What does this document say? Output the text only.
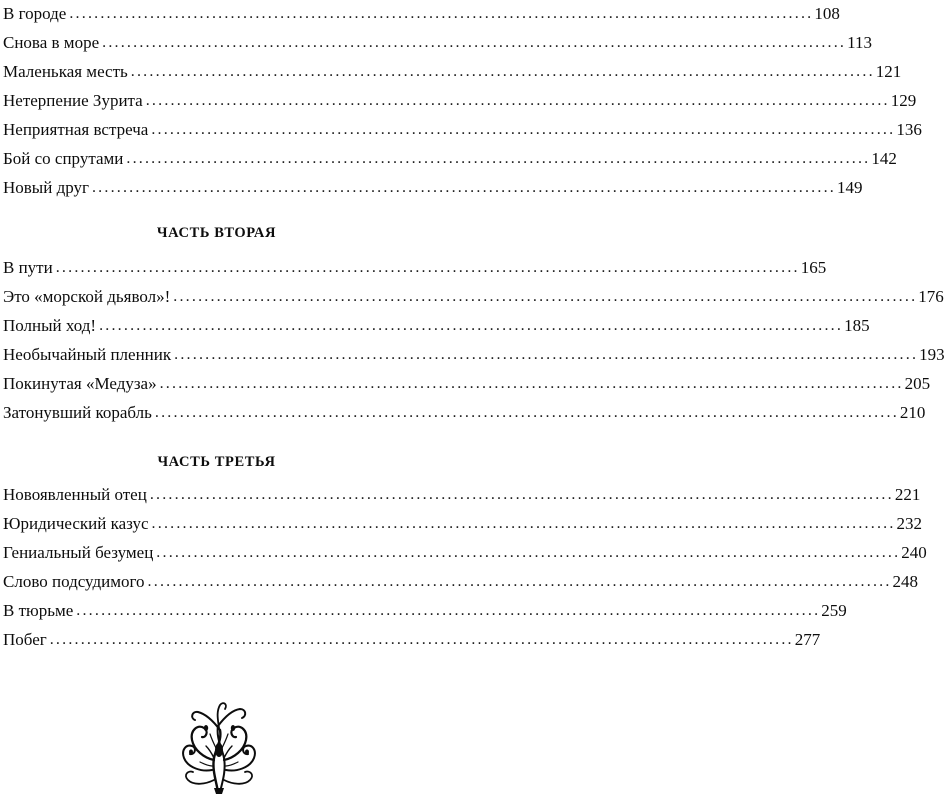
В городе ........................................................................................................................ 108
Снова в море ........................................................................................................................ 113
Маленькая месть ........................................................................................................................ 121
Нетерпение Зурита ........................................................................................................................ 129
Неприятная встреча ........................................................................................................................ 136
Бой со спрутами ........................................................................................................................ 142
Новый друг ........................................................................................................................ 149
ЧАСТЬ ВТОРАЯ
В пути ........................................................................................................................ 165
Это «морской дьявол»! ........................................................................................................................ 176
Полный ход! ........................................................................................................................ 185
Необычайный пленник ........................................................................................................................ 193
Покинутая «Медуза» ........................................................................................................................ 205
Затонувший корабль ........................................................................................................................ 210
ЧАСТЬ ТРЕТЬЯ
Новоявленный отец ........................................................................................................................ 221
Юридический казус ........................................................................................................................ 232
Гениальный безумец ........................................................................................................................ 240
Слово подсудимого ........................................................................................................................ 248
В тюрьме ........................................................................................................................ 259
Побег ........................................................................................................................ 277
